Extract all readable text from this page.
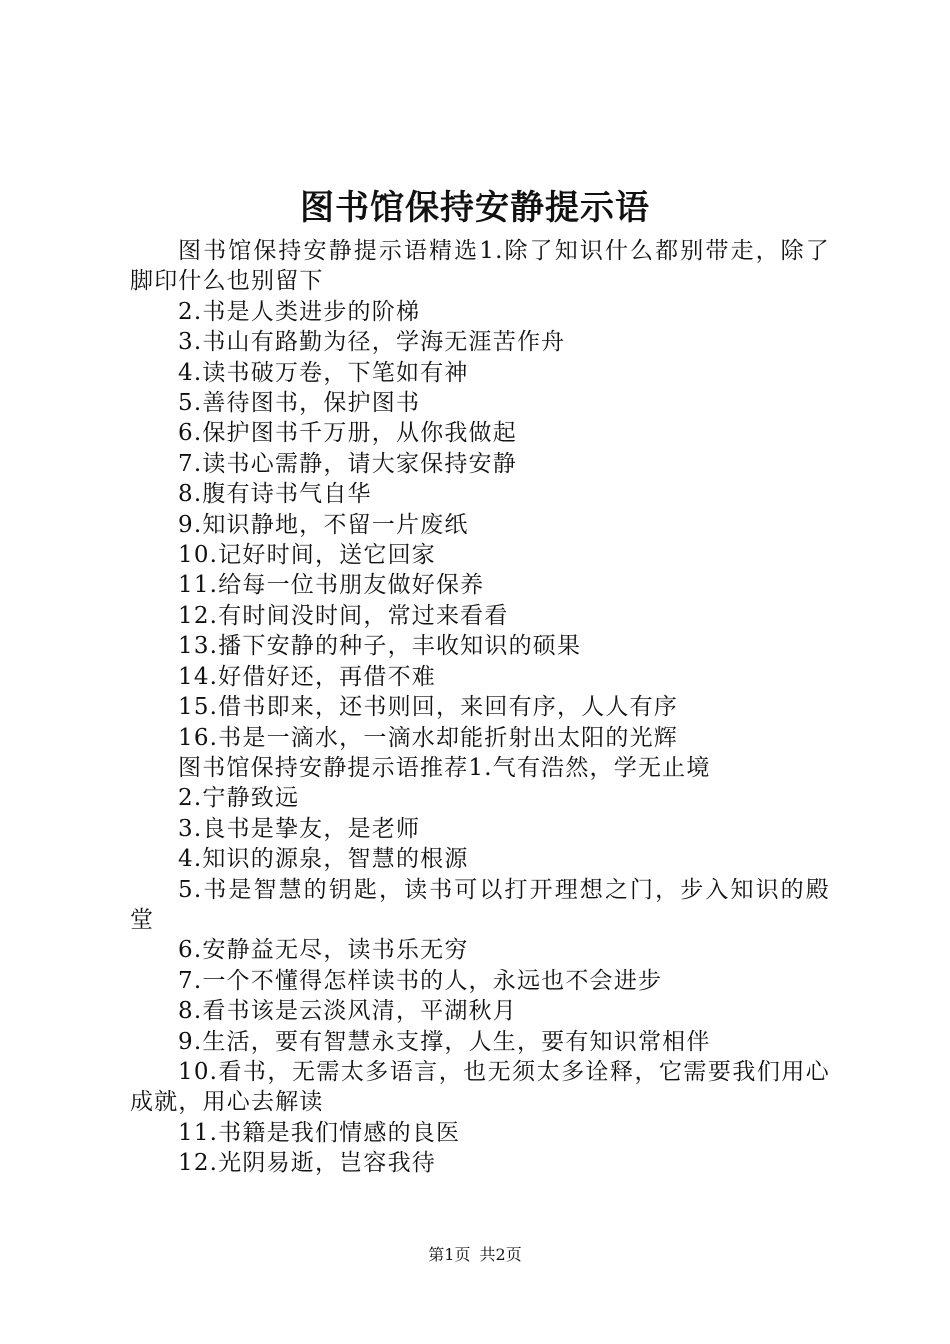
图书馆保持安静提示语

图书馆保持安静提示语精选1.除了知识什么都别带走，除了脚印什么也别留下

2.书是人类进步的阶梯

3.书山有路勤为径，学海无涯苦作舟

4.读书破万卷，下笔如有神

5.善待图书，保护图书

6.保护图书千万册，从你我做起

7.读书心需静，请大家保持安静

8.腹有诗书气自华

9.知识静地，不留一片废纸

10.记好时间，送它回家

11.给每一位书朋友做好保养

12.有时间没时间，常过来看看

13.播下安静的种子，丰收知识的硕果

14.好借好还，再借不难

15.借书即来，还书则回，来回有序，人人有序

16.书是一滴水，一滴水却能折射出太阳的光辉

图书馆保持安静提示语推荐1.气有浩然，学无止境

2.宁静致远

3.良书是挚友，是老师

4.知识的源泉，智慧的根源

5.书是智慧的钥匙，读书可以打开理想之门，步入知识的殿堂

6.安静益无尽，读书乐无穷

7.一个不懂得怎样读书的人，永远也不会进步

8.看书该是云淡风清，平湖秋月

9.生活，要有智慧永支撑，人生，要有知识常相伴

10.看书，无需太多语言，也无须太多诠释，它需要我们用心成就，用心去解读

11.书籍是我们情感的良医

12.光阴易逝，岂容我待

第1页 共2页
